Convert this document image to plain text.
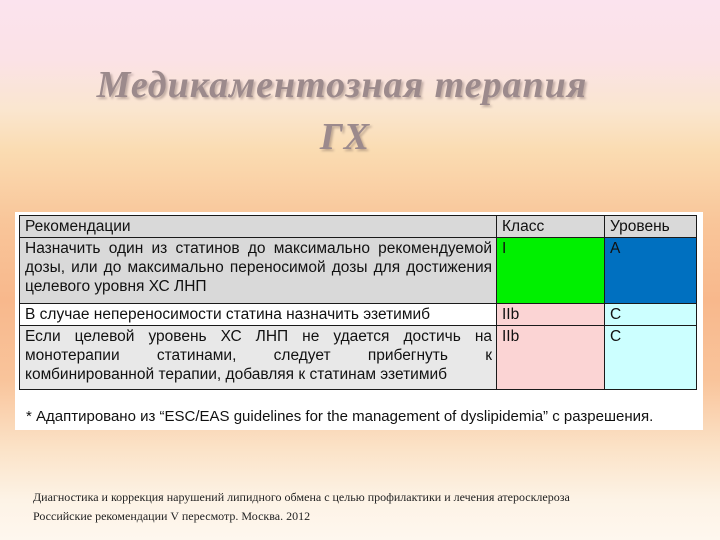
Медикаментозная терапия
ГХ
Рекомендации	Класс	Уровень
Назначить один из статинов до максимально рекомендуемой дозы, или до максимально переносимой дозы для достижения целевого уровня ХС ЛНП	I	A
В случае непереносимости статина назначить эзетимиб	IIb	C
Если целевой уровень ХС ЛНП не удается достичь на монотерапии статинами, следует прибегнуть к комбинированной терапии, добавляя к статинам эзетимиб	IIb	C
* Адаптировано из “ESC/EAS guidelines for the management of dyslipidemia” с разрешения.
Диагностика и коррекция нарушений липидного обмена с целью профилактики и лечения атеросклероза
Российские рекомендации V пересмотр. Москва. 2012
